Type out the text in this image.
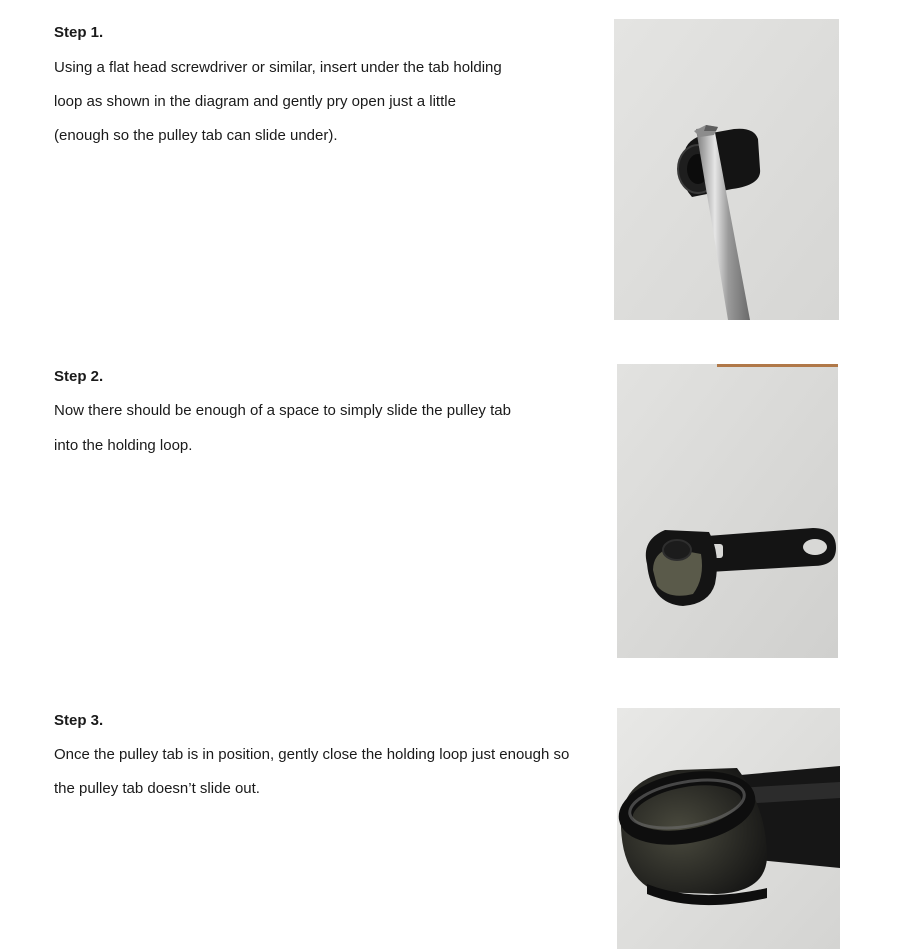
Step 1.

Using a flat head screwdriver or similar, insert under the tab holding

loop as shown in the diagram and gently pry open just a little

(enough so the pulley tab can slide under).

Step 2.

Now there should be enough of a space to simply slide the pulley tab

into the holding loop.

Step 3.

Once the pulley tab is in position, gently close the holding loop just enough so

the pulley tab doesn’t slide out.
